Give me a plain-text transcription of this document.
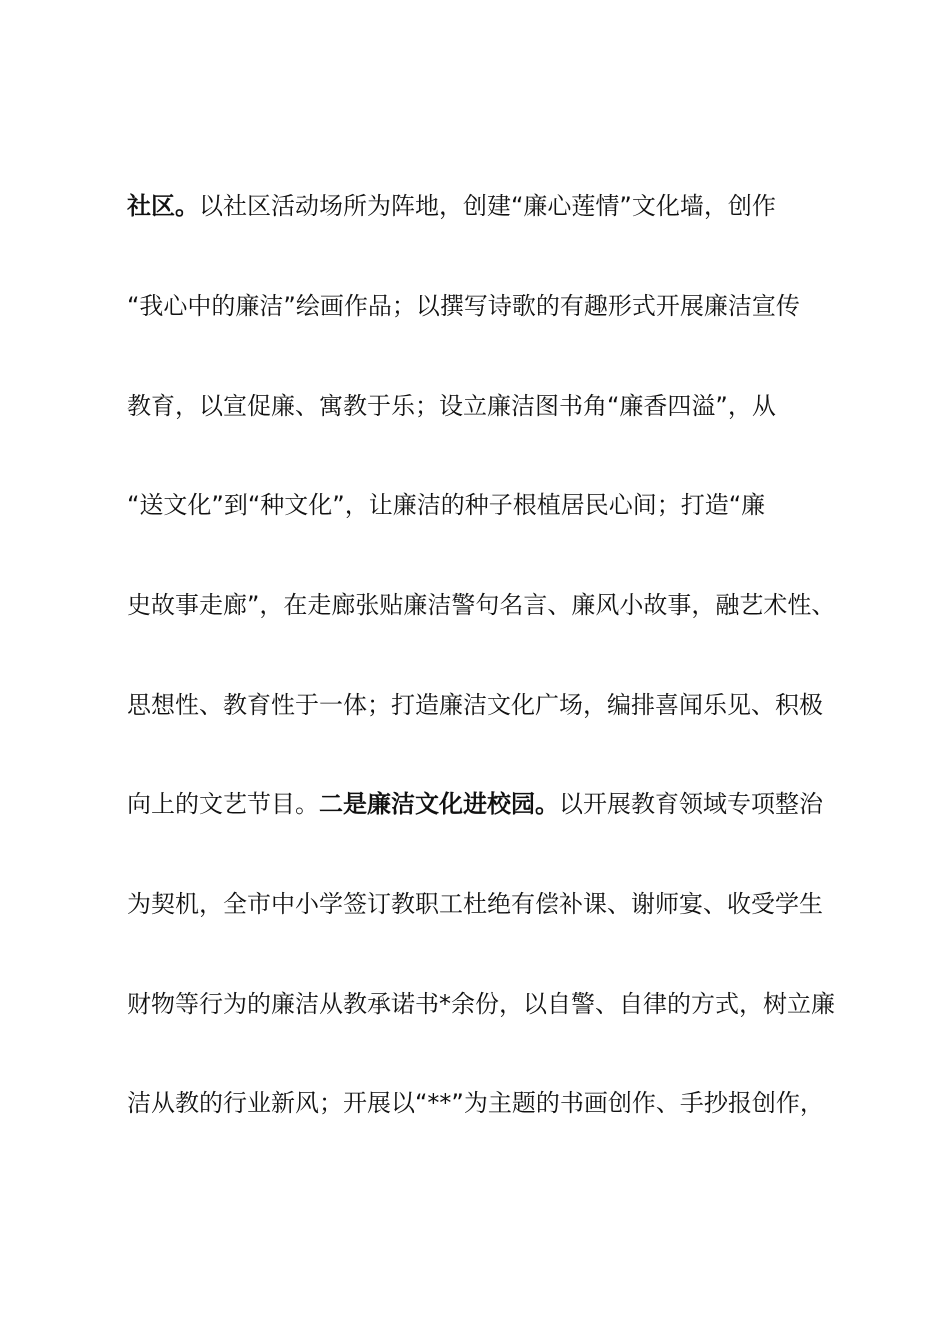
社区。以社区活动场所为阵地，创建“廉心莲情”文化墙，创作
“我心中的廉洁”绘画作品；以撰写诗歌的有趣形式开展廉洁宣传
教育，以宣促廉、寓教于乐；设立廉洁图书角“廉香四溢”，从
“送文化”到“种文化”，让廉洁的种子根植居民心间；打造“廉
史故事走廊”，在走廊张贴廉洁警句名言、廉风小故事，融艺术性、
思想性、教育性于一体；打造廉洁文化广场，编排喜闻乐见、积极
向上的文艺节目。二是廉洁文化进校园。以开展教育领域专项整治
为契机，全市中小学签订教职工杜绝有偿补课、谢师宴、收受学生
财物等行为的廉洁从教承诺书*余份，以自警、自律的方式，树立廉
洁从教的行业新风；开展以“**”为主题的书画创作、手抄报创作，
